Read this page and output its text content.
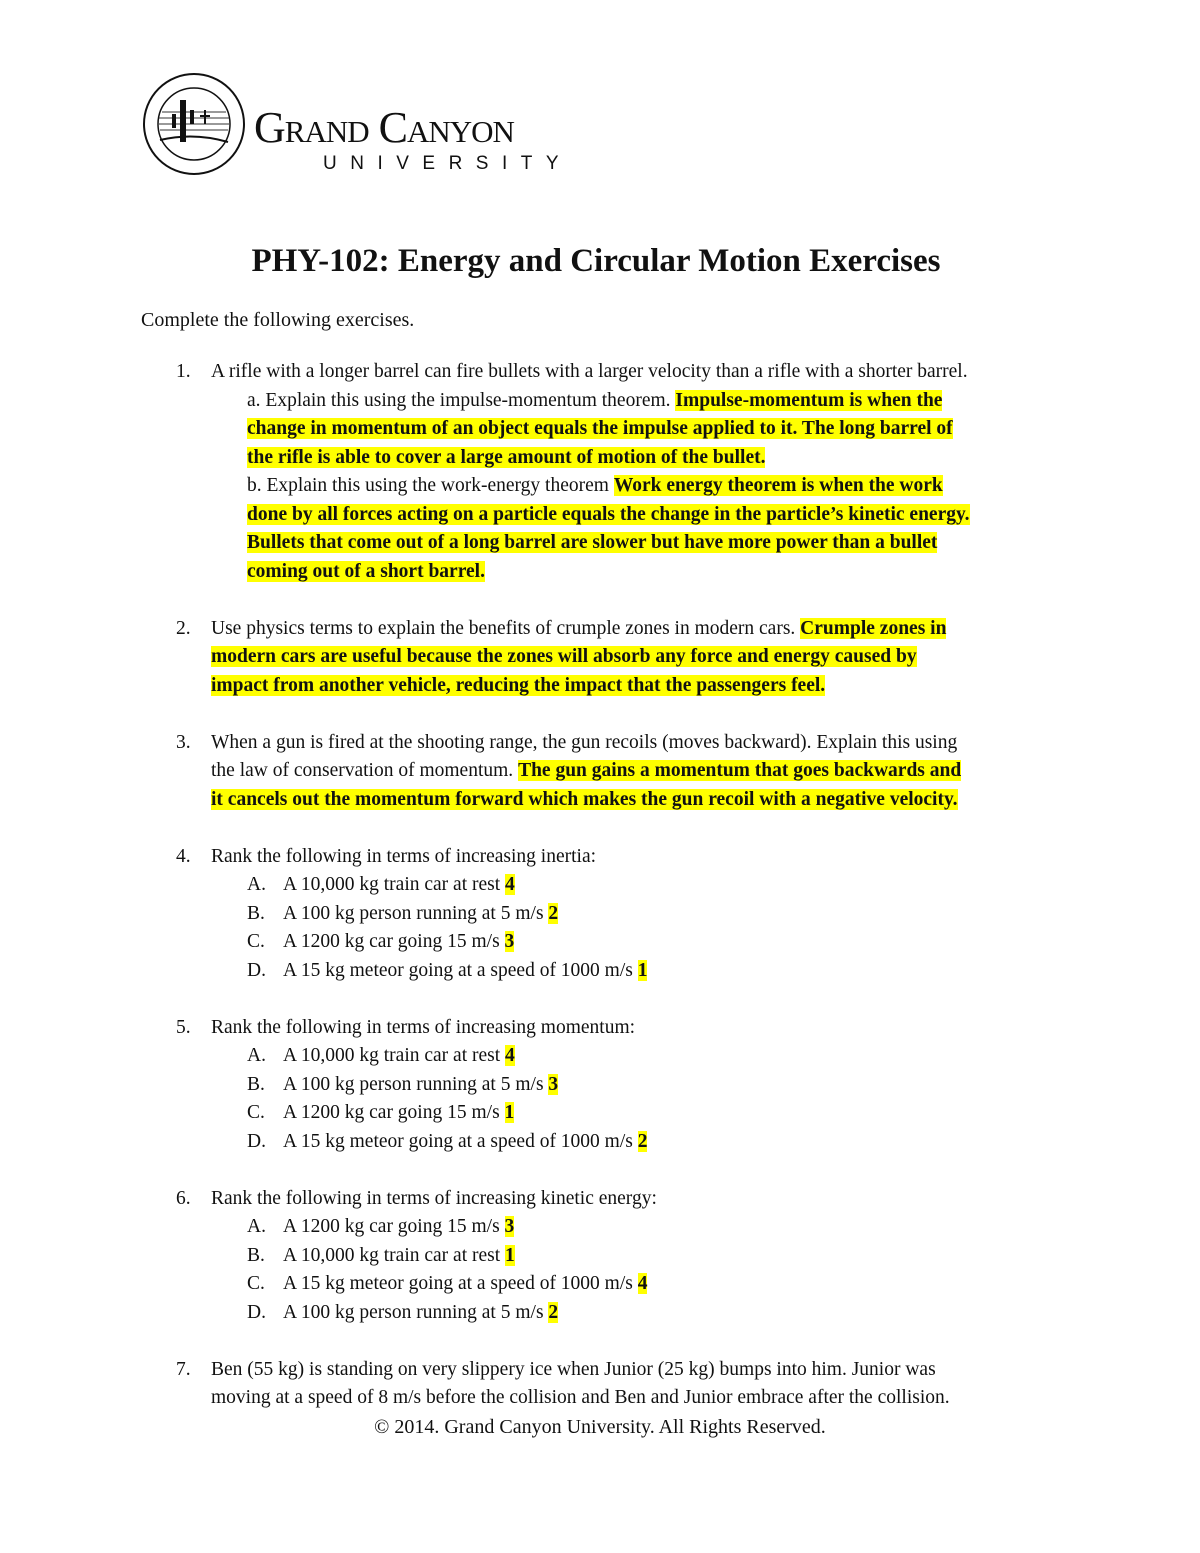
Grand Canyon
UNIVERSITY
PHY-102: Energy and Circular Motion Exercises
Complete the following exercises.
1. A rifle with a longer barrel can fire bullets with a larger velocity than a rifle with a shorter barrel.
a. Explain this using the impulse-momentum theorem. Impulse-momentum is when the
change in momentum of an object equals the impulse applied to it. The long barrel of
the rifle is able to cover a large amount of motion of the bullet.
b. Explain this using the work-energy theorem Work energy theorem is when the work
done by all forces acting on a particle equals the change in the particle’s kinetic energy.
Bullets that come out of a long barrel are slower but have more power than a bullet
coming out of a short barrel.
2. Use physics terms to explain the benefits of crumple zones in modern cars. Crumple zones in
modern cars are useful because the zones will absorb any force and energy caused by
impact from another vehicle, reducing the impact that the passengers feel.
3. When a gun is fired at the shooting range, the gun recoils (moves backward). Explain this using
the law of conservation of momentum. The gun gains a momentum that goes backwards and
it cancels out the momentum forward which makes the gun recoil with a negative velocity.
4. Rank the following in terms of increasing inertia:
A. A 10,000 kg train car at rest 4
B. A 100 kg person running at 5 m/s 2
C. A 1200 kg car going 15 m/s 3
D. A 15 kg meteor going at a speed of 1000 m/s 1
5. Rank the following in terms of increasing momentum:
A. A 10,000 kg train car at rest 4
B. A 100 kg person running at 5 m/s 3
C. A 1200 kg car going 15 m/s 1
D. A 15 kg meteor going at a speed of 1000 m/s 2
6. Rank the following in terms of increasing kinetic energy:
A. A 1200 kg car going 15 m/s 3
B. A 10,000 kg train car at rest 1
C. A 15 kg meteor going at a speed of 1000 m/s 4
D. A 100 kg person running at 5 m/s 2
7. Ben (55 kg) is standing on very slippery ice when Junior (25 kg) bumps into him. Junior was
moving at a speed of 8 m/s before the collision and Ben and Junior embrace after the collision.
© 2014. Grand Canyon University. All Rights Reserved.
